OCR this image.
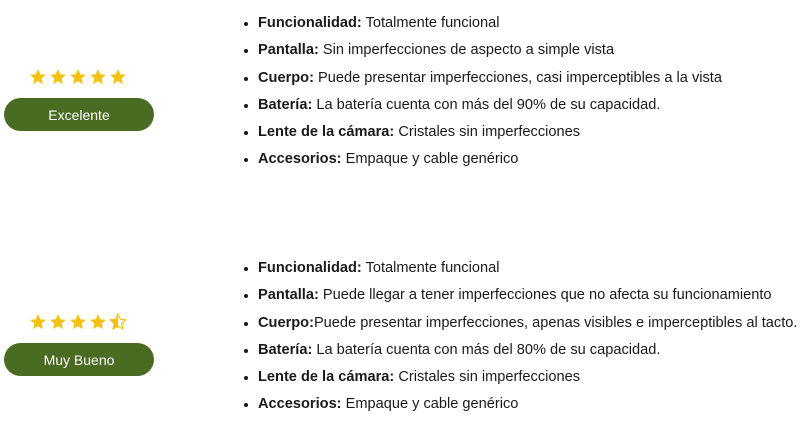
Excelente
• Funcionalidad: Totalmente funcional
• Pantalla: Sin imperfecciones de aspecto a simple vista
• Cuerpo: Puede presentar imperfecciones, casi imperceptibles a la vista
• Batería: La batería cuenta con más del 90% de su capacidad.
• Lente de la cámara: Cristales sin imperfecciones
• Accesorios: Empaque y cable genérico
Muy Bueno
• Funcionalidad: Totalmente funcional
• Pantalla: Puede llegar a tener imperfecciones que no afecta su funcionamiento
• Cuerpo:Puede presentar imperfecciones, apenas visibles e imperceptibles al tacto.
• Batería: La batería cuenta con más del 80% de su capacidad.
• Lente de la cámara: Cristales sin imperfecciones
• Accesorios: Empaque y cable genérico
